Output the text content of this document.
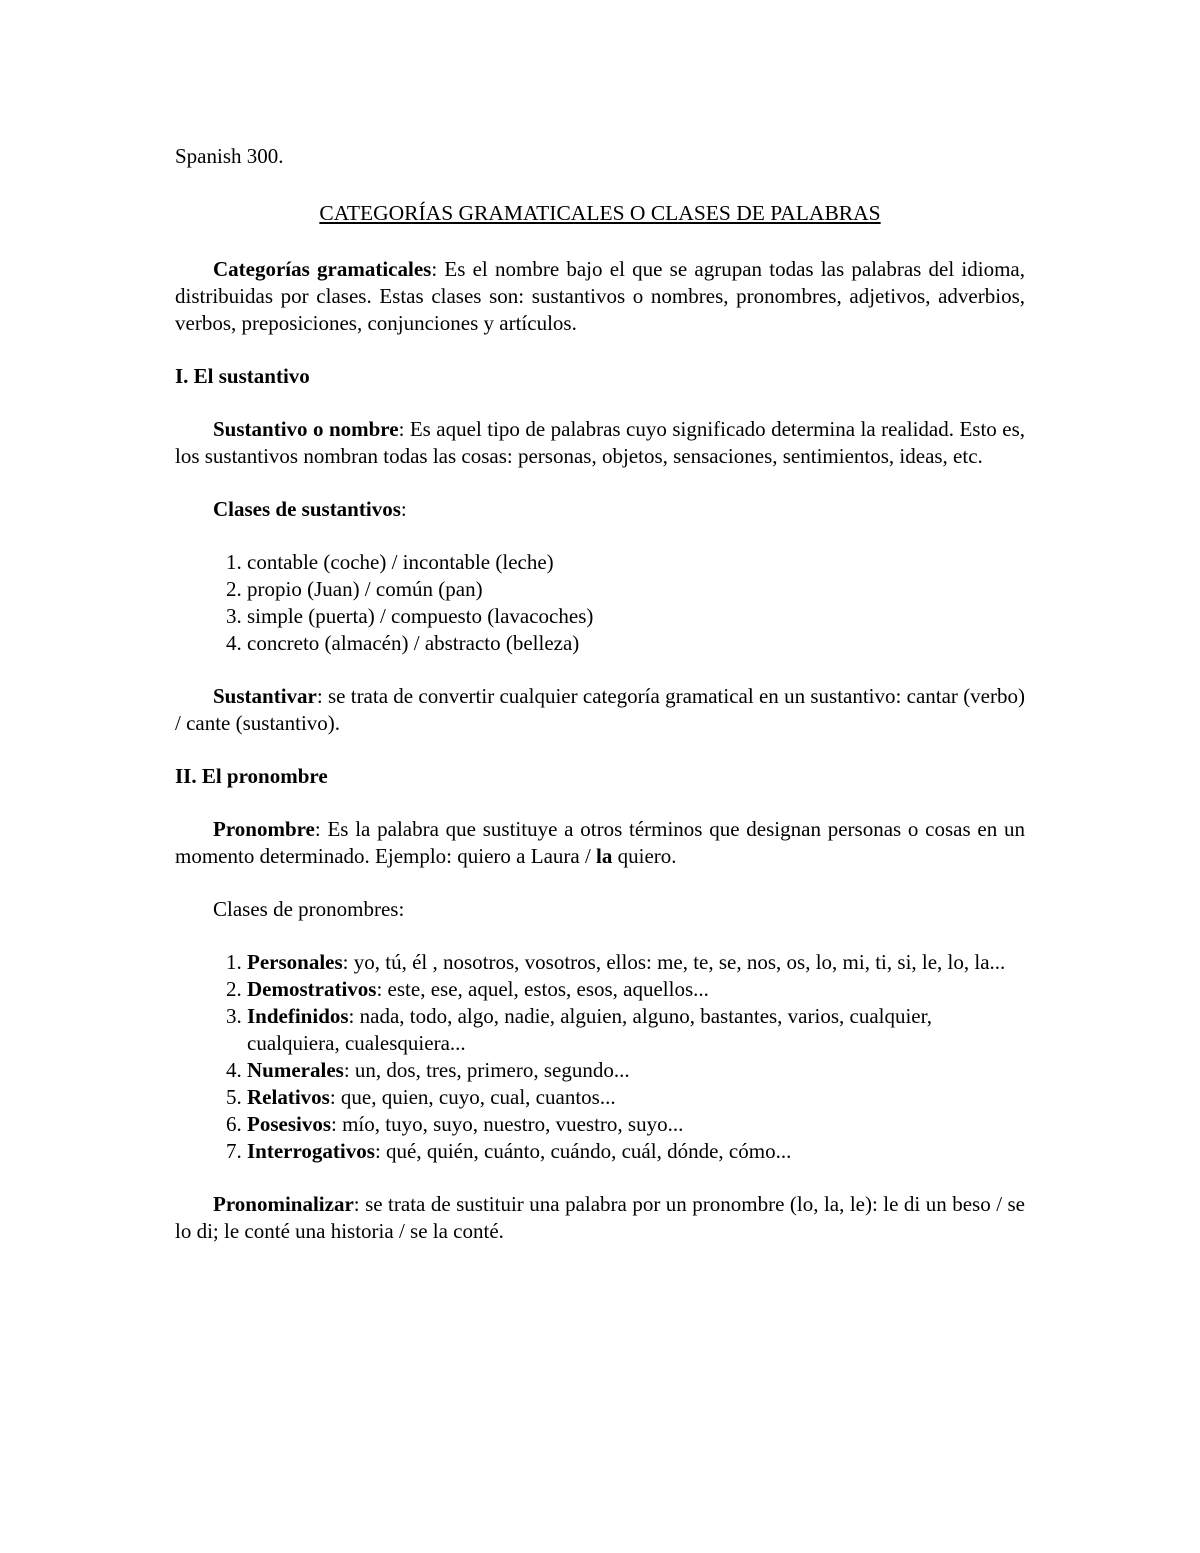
Spanish 300.

CATEGORÍAS GRAMATICALES O CLASES DE PALABRAS

Categorías gramaticales: Es el nombre bajo el que se agrupan todas las palabras del idioma, distribuidas por clases. Estas clases son: sustantivos o nombres, pronombres, adjetivos, adverbios, verbos, preposiciones, conjunciones y artículos.

I. El sustantivo

Sustantivo o nombre: Es aquel tipo de palabras cuyo significado determina la realidad. Esto es, los sustantivos nombran todas las cosas: personas, objetos, sensaciones, sentimientos, ideas, etc.

Clases de sustantivos:

1. contable (coche) / incontable (leche)
2. propio (Juan) / común (pan)
3. simple (puerta) / compuesto (lavacoches)
4. concreto (almacén) / abstracto (belleza)

Sustantivar: se trata de convertir cualquier categoría gramatical en un sustantivo: cantar (verbo) / cante (sustantivo).

II. El pronombre

Pronombre: Es la palabra que sustituye a otros términos que designan personas o cosas en un momento determinado. Ejemplo: quiero a Laura / la quiero.

Clases de pronombres:

1. Personales: yo, tú, él , nosotros, vosotros, ellos: me, te, se, nos, os, lo, mi, ti, si, le, lo, la...
2. Demostrativos: este, ese, aquel, estos, esos, aquellos...
3. Indefinidos: nada, todo, algo, nadie, alguien, alguno, bastantes, varios, cualquier, cualquiera, cualesquiera...
4. Numerales: un, dos, tres, primero, segundo...
5. Relativos: que, quien, cuyo, cual, cuantos...
6. Posesivos: mío, tuyo, suyo, nuestro, vuestro, suyo...
7. Interrogativos: qué, quién, cuánto, cuándo, cuál, dónde, cómo...

Pronominalizar: se trata de sustituir una palabra por un pronombre (lo, la, le): le di un beso / se lo di; le conté una historia / se la conté.
